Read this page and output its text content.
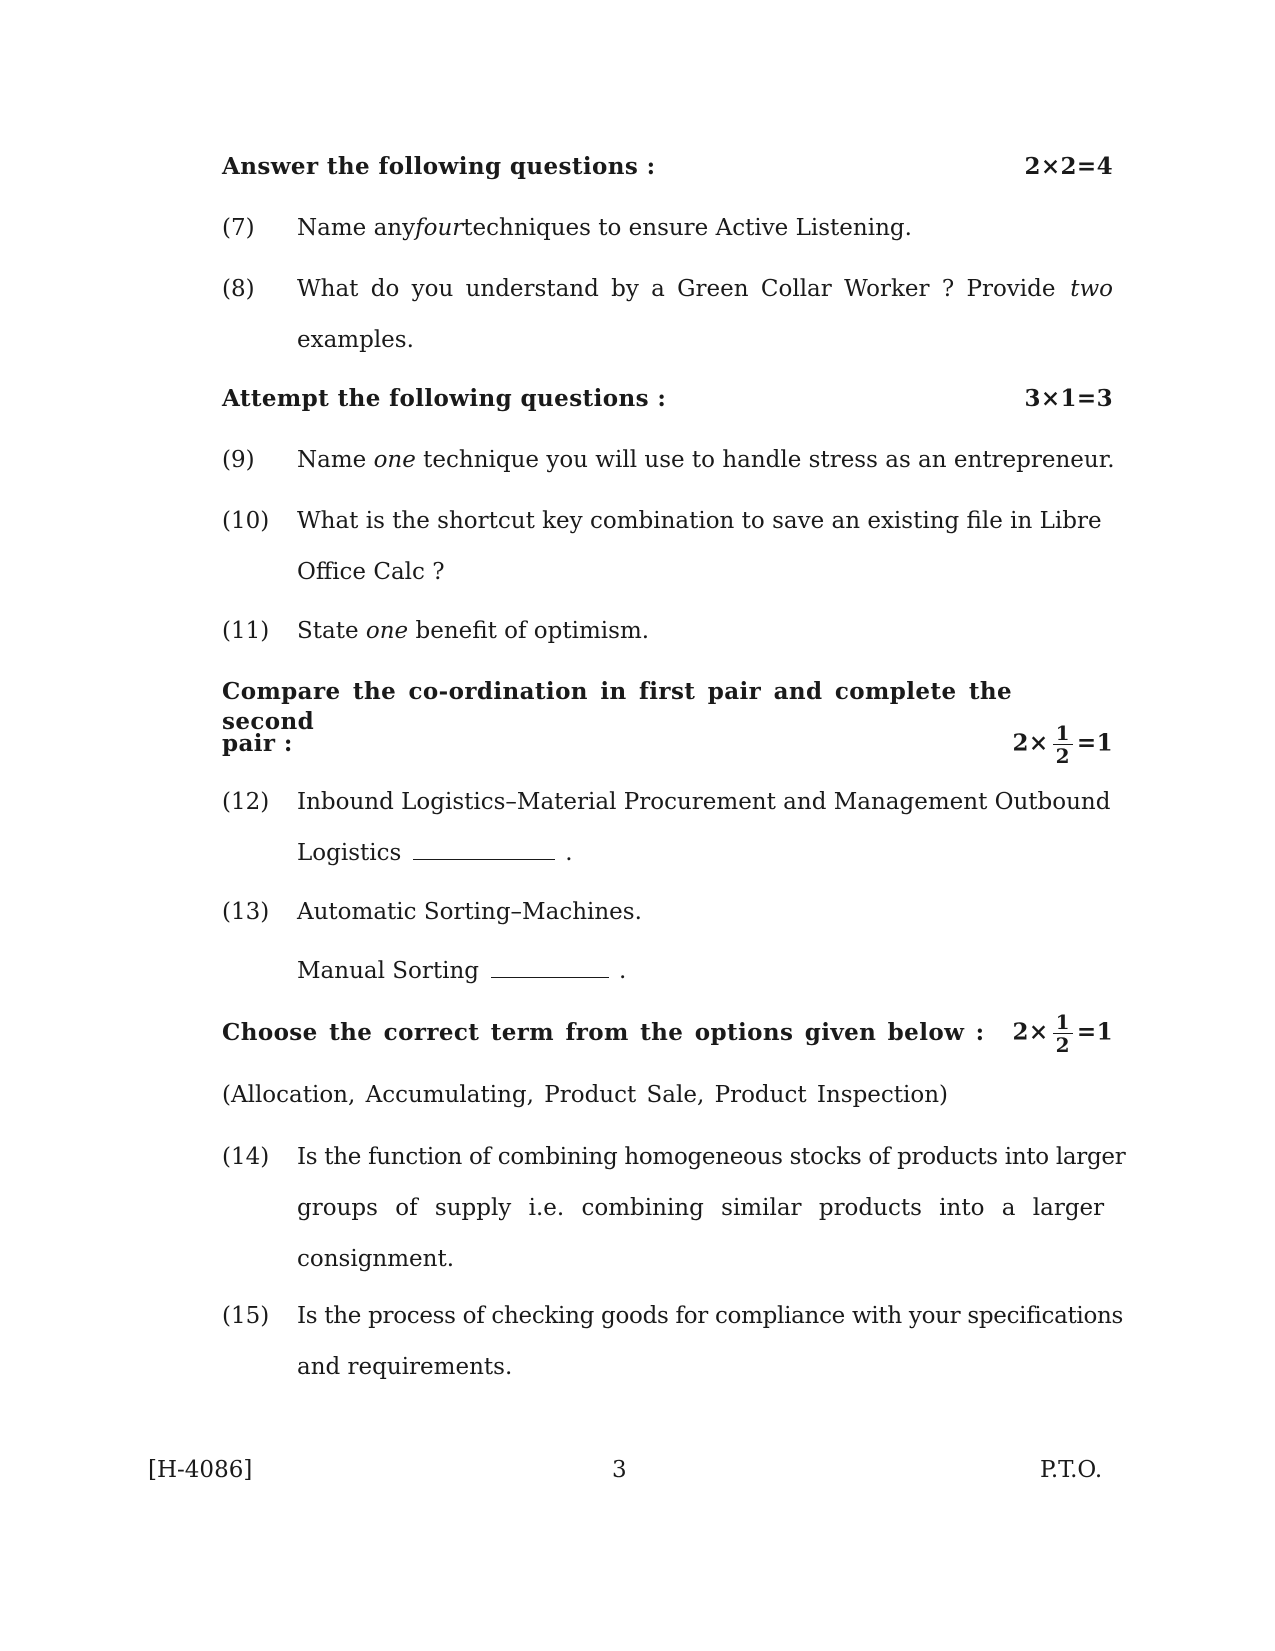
Answer the following questions :	2×2=4
(7) Name any four techniques to ensure Active Listening.
(8) What do you understand by a Green Collar Worker ? Provide two
examples.
Attempt the following questions :	3×1=3
(9) Name one technique you will use to handle stress as an entrepreneur.
(10) What is the shortcut key combination to save an existing file in Libre
Office Calc ?
(11) State one benefit of optimism.
Compare the co-ordination in first pair and complete the second
pair :	$2\times \frac{1}{2} =1$
(12) Inbound Logistics–Material Procurement and Management Outbound
Logistics	.
(13) Automatic Sorting–Machines.
Manual Sorting	.
Choose the correct term from the options given below : $2\times \frac{1}{2} =1$
(Allocation, Accumulating, Product Sale, Product Inspection)
(14) Is the function of combining homogeneous stocks of products into larger
groups of supply i.e. combining similar products into a larger
consignment.
(15) Is the process of checking goods for compliance with your specifications
and requirements.
[H-4086]	3	P.T.O.
